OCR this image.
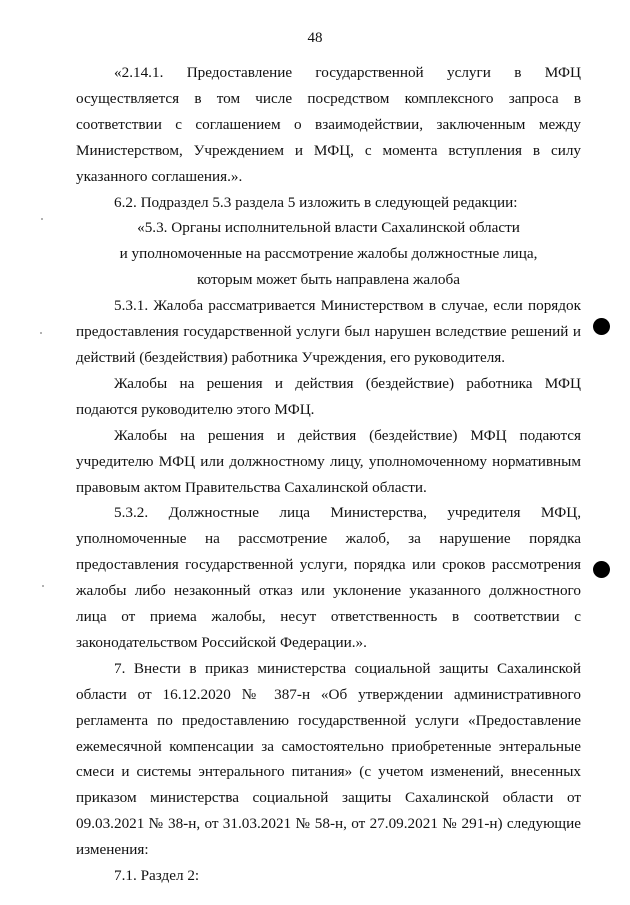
48

«2.14.1. Предоставление государственной услуги в МФЦ осуществляется в том числе посредством комплексного запроса в соответствии с соглашением о взаимодействии, заключенным между Министерством, Учреждением и МФЦ, с момента вступления в силу указанного соглашения.».

6.2. Подраздел 5.3 раздела 5 изложить в следующей редакции:

«5.3. Органы исполнительной власти Сахалинской области

и уполномоченные на рассмотрение жалобы должностные лица,

которым может быть направлена жалоба

5.3.1. Жалоба рассматривается Министерством в случае, если порядок предоставления государственной услуги был нарушен вследствие решений и действий (бездействия) работника Учреждения, его руководителя.

Жалобы на решения и действия (бездействие) работника МФЦ подаются руководителю этого МФЦ.

Жалобы на решения и действия (бездействие) МФЦ подаются учредителю МФЦ или должностному лицу, уполномоченному нормативным правовым актом Правительства Сахалинской области.

5.3.2. Должностные лица Министерства, учредителя МФЦ, уполномоченные на рассмотрение жалоб, за нарушение порядка предоставления государственной услуги, порядка или сроков рассмотрения жалобы либо незаконный отказ или уклонение указанного должностного лица от приема жалобы, несут ответственность в соответствии с законодательством Российской Федерации.».

7. Внести в приказ министерства социальной защиты Сахалинской области от 16.12.2020 № 387-н «Об утверждении административного регламента по предоставлению государственной услуги «Предоставление ежемесячной компенсации за самостоятельно приобретенные энтеральные смеси и системы энтерального питания» (с учетом изменений, внесенных приказом министерства социальной защиты Сахалинской области от 09.03.2021 № 38-н, от 31.03.2021 № 58-н, от 27.09.2021 № 291-н) следующие изменения:

7.1. Раздел 2:
